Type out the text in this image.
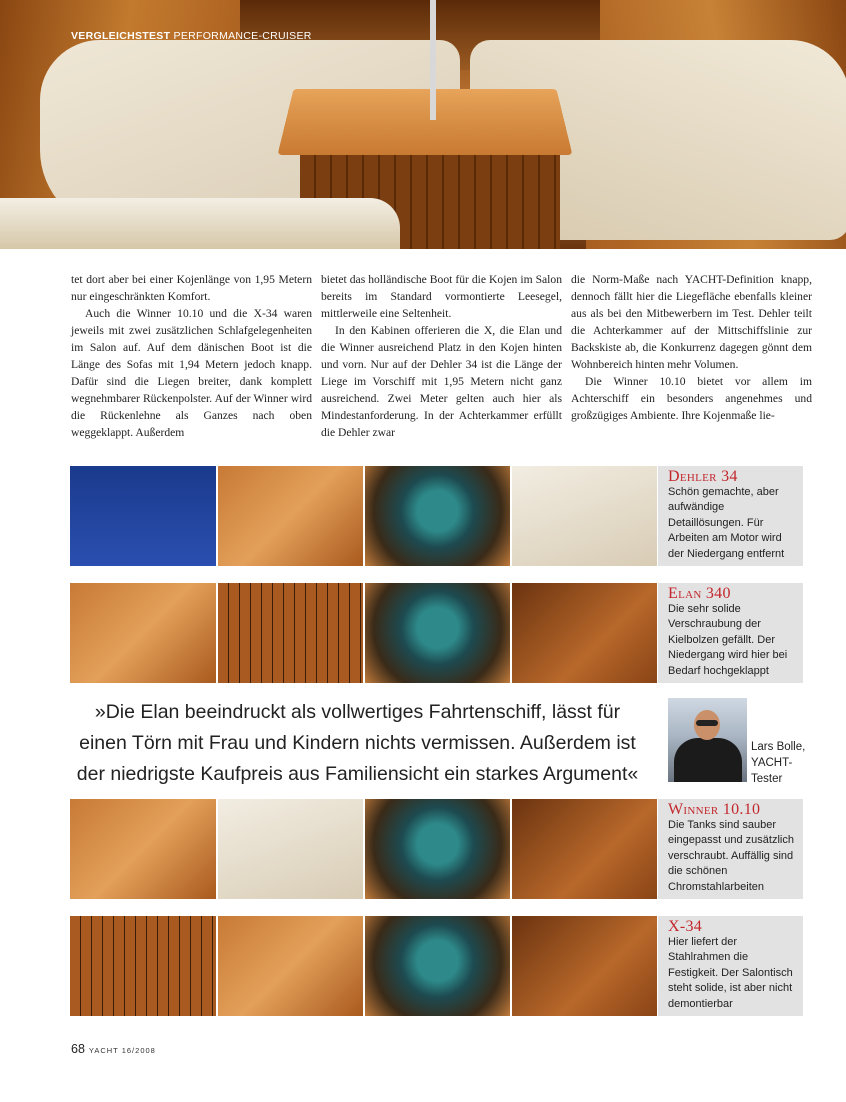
VERGLEICHSTEST PERFORMANCE-CRUISER

tet dort aber bei einer Kojenlänge von 1,95 Metern nur eingeschränkten Komfort.

Auch die Winner 10.10 und die X-34 waren jeweils mit zwei zusätzlichen Schlafgelegenheiten im Salon auf. Auf dem dänischen Boot ist die Länge des Sofas mit 1,94 Metern jedoch knapp. Dafür sind die Liegen breiter, dank komplett wegnehmbarer Rückenpolster. Auf der Winner wird die Rückenlehne als Ganzes nach oben weggeklappt. Außerdem

bietet das holländische Boot für die Kojen im Salon bereits im Standard vormontierte Leesegel, mittlerweile eine Seltenheit.

In den Kabinen offerieren die X, die Elan und die Winner ausreichend Platz in den Kojen hinten und vorn. Nur auf der Dehler 34 ist die Länge der Liege im Vorschiff mit 1,95 Metern nicht ganz ausreichend. Zwei Meter gelten auch hier als Mindestanforderung. In der Achterkammer erfüllt die Dehler zwar

die Norm-Maße nach YACHT-Definition knapp, dennoch fällt hier die Liegefläche ebenfalls kleiner aus als bei den Mitbewerbern im Test. Dehler teilt die Achterkammer auf der Mittschiffslinie zur Backskiste ab, die Konkurrenz dagegen gönnt dem Wohnbereich hinten mehr Volumen.

Die Winner 10.10 bietet vor allem im Achterschiff ein besonders angenehmes und großzügiges Ambiente. Ihre Kojenmaße lie-

Dehler 34
Schön gemachte, aber aufwändige Detaillösungen. Für Arbeiten am Motor wird der Niedergang entfernt
Elan 340
Die sehr solide Verschraubung der Kielbolzen gefällt. Der Niedergang wird hier bei Bedarf hochgeklappt
»Die Elan beeindruckt als vollwertiges Fahrtenschiff, lässt für einen Törn mit Frau und Kindern nichts vermissen. Außerdem ist der niedrigste Kaufpreis aus Familiensicht ein starkes Argument«
Lars Bolle,
YACHT-
Tester
Winner 10.10
Die Tanks sind sauber eingepasst und zusätzlich verschraubt. Auffällig sind die schönen Chromstahlarbeiten
X-34
Hier liefert der Stahlrahmen die Festigkeit. Der Salontisch steht solide, ist aber nicht demontierbar
68 YACHT 16/2008
